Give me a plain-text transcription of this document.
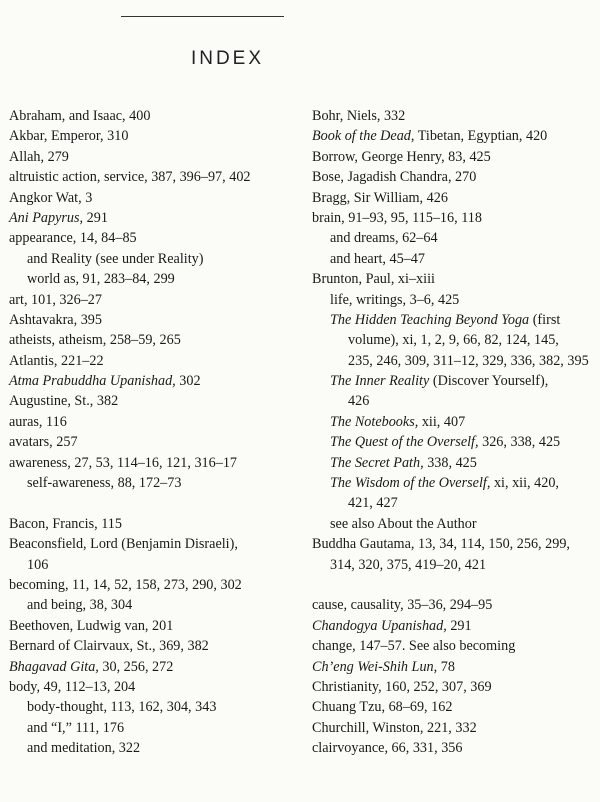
INDEX
Abraham, and Isaac, 400
Akbar, Emperor, 310
Allah, 279
altruistic action, service, 387, 396–97, 402
Angkor Wat, 3
Ani Papyrus, 291
appearance, 14, 84–85
and Reality (see under Reality)
world as, 91, 283–84, 299
art, 101, 326–27
Ashtavakra, 395
atheists, atheism, 258–59, 265
Atlantis, 221–22
Atma Prabuddha Upanishad, 302
Augustine, St., 382
auras, 116
avatars, 257
awareness, 27, 53, 114–16, 121, 316–17
self-awareness, 88, 172–73
Bacon, Francis, 115
Beaconsfield, Lord (Benjamin Disraeli),
106
becoming, 11, 14, 52, 158, 273, 290, 302
and being, 38, 304
Beethoven, Ludwig van, 201
Bernard of Clairvaux, St., 369, 382
Bhagavad Gita, 30, 256, 272
body, 49, 112–13, 204
body-thought, 113, 162, 304, 343
and “I,” 111, 176
and meditation, 322
Bohr, Niels, 332
Book of the Dead, Tibetan, Egyptian, 420
Borrow, George Henry, 83, 425
Bose, Jagadish Chandra, 270
Bragg, Sir William, 426
brain, 91–93, 95, 115–16, 118
and dreams, 62–64
and heart, 45–47
Brunton, Paul, xi–xiii
life, writings, 3–6, 425
The Hidden Teaching Beyond Yoga (first
volume), xi, 1, 2, 9, 66, 82, 124, 145,
235, 246, 309, 311–12, 329, 336, 382, 395
The Inner Reality (Discover Yourself),
426
The Notebooks, xii, 407
The Quest of the Overself, 326, 338, 425
The Secret Path, 338, 425
The Wisdom of the Overself, xi, xii, 420,
421, 427
see also About the Author
Buddha Gautama, 13, 34, 114, 150, 256, 299,
314, 320, 375, 419–20, 421
cause, causality, 35–36, 294–95
Chandogya Upanishad, 291
change, 147–57. See also becoming
Ch’eng Wei-Shih Lun, 78
Christianity, 160, 252, 307, 369
Chuang Tzu, 68–69, 162
Churchill, Winston, 221, 332
clairvoyance, 66, 331, 356
